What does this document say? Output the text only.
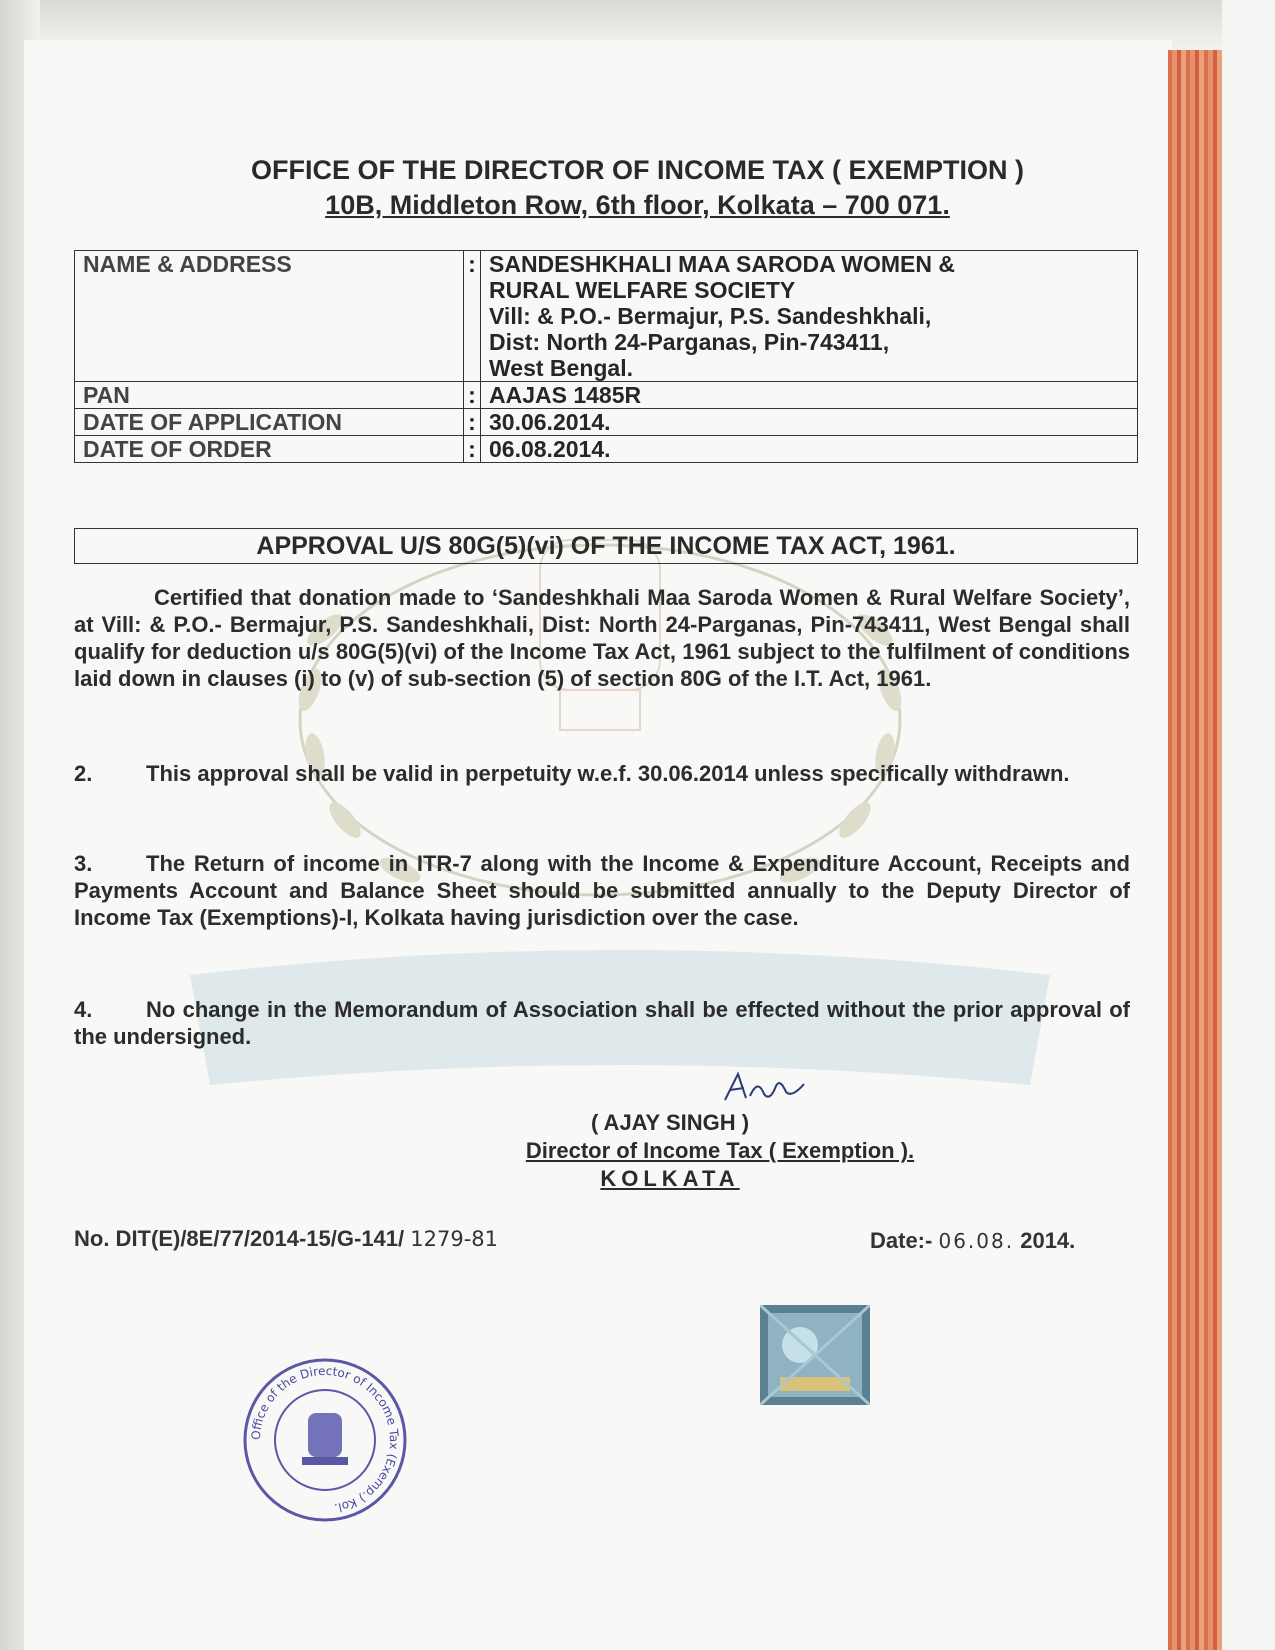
OFFICE OF THE DIRECTOR OF INCOME TAX ( EXEMPTION )
10B, Middleton Row, 6th floor, Kolkata – 700 071.
NAME & ADDRESS	:	SANDESHKHALI MAA SARODA WOMEN &
RURAL WELFARE SOCIETY
Vill: & P.O.- Bermajur, P.S. Sandeshkhali,
Dist: North 24-Parganas, Pin-743411,
West Bengal.

PAN	:	AAJAS 1485R
DATE OF APPLICATION	:	30.06.2014.
DATE OF ORDER	:	06.08.2014.
APPROVAL U/S 80G(5)(vi) OF THE INCOME TAX ACT, 1961.
Certified that donation made to ‘Sandeshkhali Maa Saroda Women & Rural Welfare Society’, at Vill: & P.O.- Bermajur, P.S. Sandeshkhali, Dist: North 24-Parganas, Pin-743411, West Bengal shall qualify for deduction u/s 80G(5)(vi) of the Income Tax Act, 1961 subject to the fulfilment of conditions laid down in clauses (i) to (v) of sub-section (5) of section 80G of the I.T. Act, 1961.
2. This approval shall be valid in perpetuity w.e.f. 30.06.2014 unless specifically withdrawn.
3. The Return of income in ITR-7 along with the Income & Expenditure Account, Receipts and Payments Account and Balance Sheet should be submitted annually to the Deputy Director of Income Tax (Exemptions)-I, Kolkata having jurisdiction over the case.
4. No change in the Memorandum of Association shall be effected without the prior approval of the undersigned.
( AJAY SINGH )
Director of Income Tax ( Exemption ).
KOLKATA
No. DIT(E)/8E/77/2014-15/G-141/ 1279-81	Date:- 06.08. 2014.
Office of the Director of Income Tax (Exemp.) Kol.
